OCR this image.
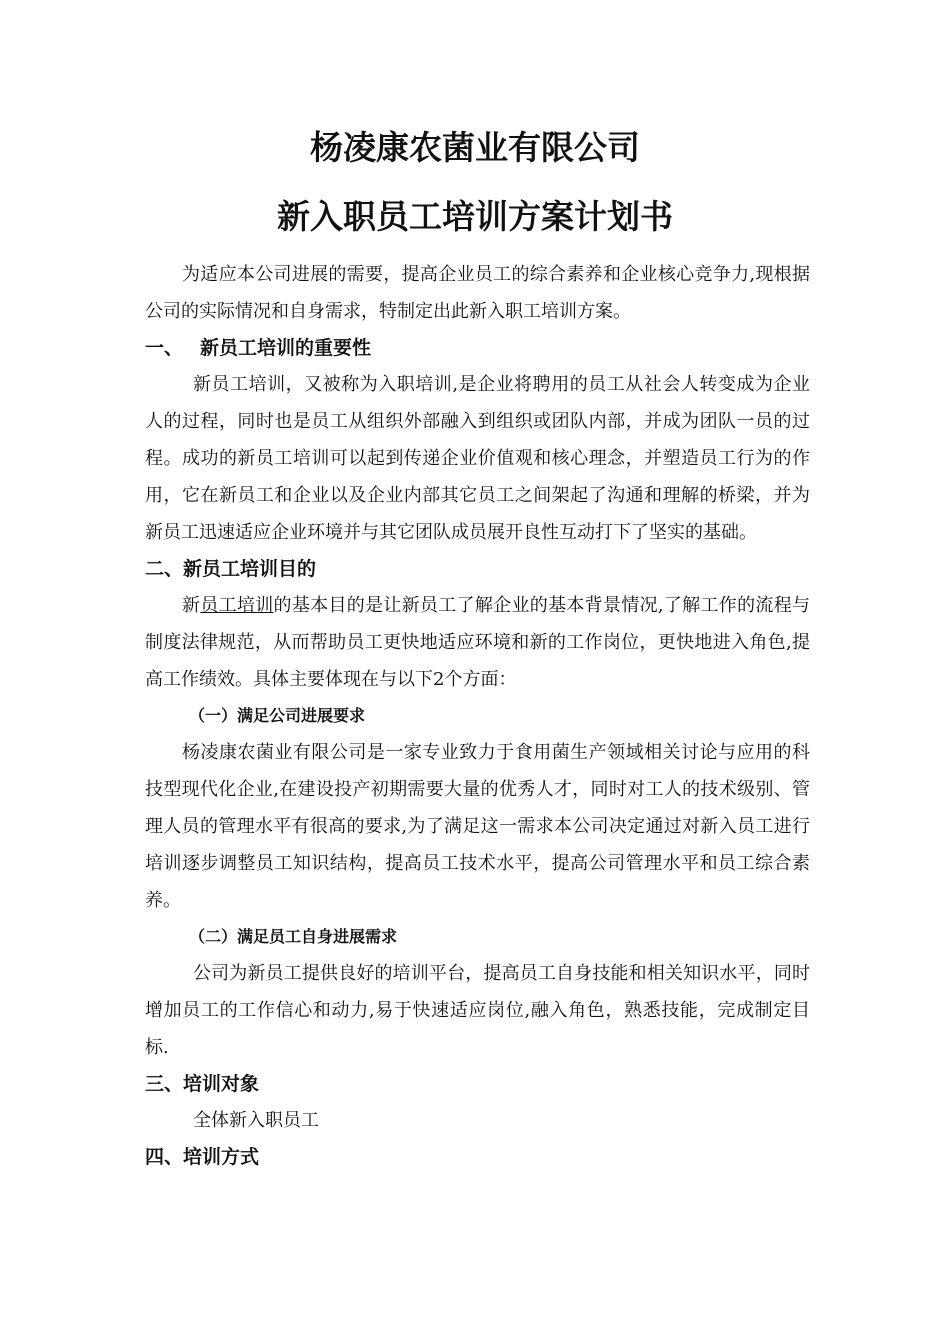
杨凌康农菌业有限公司
新入职员工培训方案计划书

为适应本公司进展的需要，提高企业员工的综合素养和企业核心竞争力,现根据公司的实际情况和自身需求，特制定出此新入职工培训方案。

一、 新员工培训的重要性

新员工培训，又被称为入职培训,是企业将聘用的员工从社会人转变成为企业人的过程，同时也是员工从组织外部融入到组织或团队内部，并成为团队一员的过程。成功的新员工培训可以起到传递企业价值观和核心理念，并塑造员工行为的作用，它在新员工和企业以及企业内部其它员工之间架起了沟通和理解的桥梁，并为新员工迅速适应企业环境并与其它团队成员展开良性互动打下了坚实的基础。

二、新员工培训目的

新员工培训的基本目的是让新员工了解企业的基本背景情况,了解工作的流程与制度法律规范，从而帮助员工更快地适应环境和新的工作岗位，更快地进入角色,提高工作绩效。具体主要体现在与以下2个方面：

（一）满足公司进展要求

杨凌康农菌业有限公司是一家专业致力于食用菌生产领域相关讨论与应用的科技型现代化企业,在建设投产初期需要大量的优秀人才，同时对工人的技术级别、管理人员的管理水平有很高的要求,为了满足这一需求本公司决定通过对新入员工进行培训逐步调整员工知识结构，提高员工技术水平，提高公司管理水平和员工综合素养。

（二）满足员工自身进展需求

公司为新员工提供良好的培训平台，提高员工自身技能和相关知识水平，同时增加员工的工作信心和动力,易于快速适应岗位,融入角色，熟悉技能，完成制定目标.

三、培训对象

全体新入职员工

四、培训方式
